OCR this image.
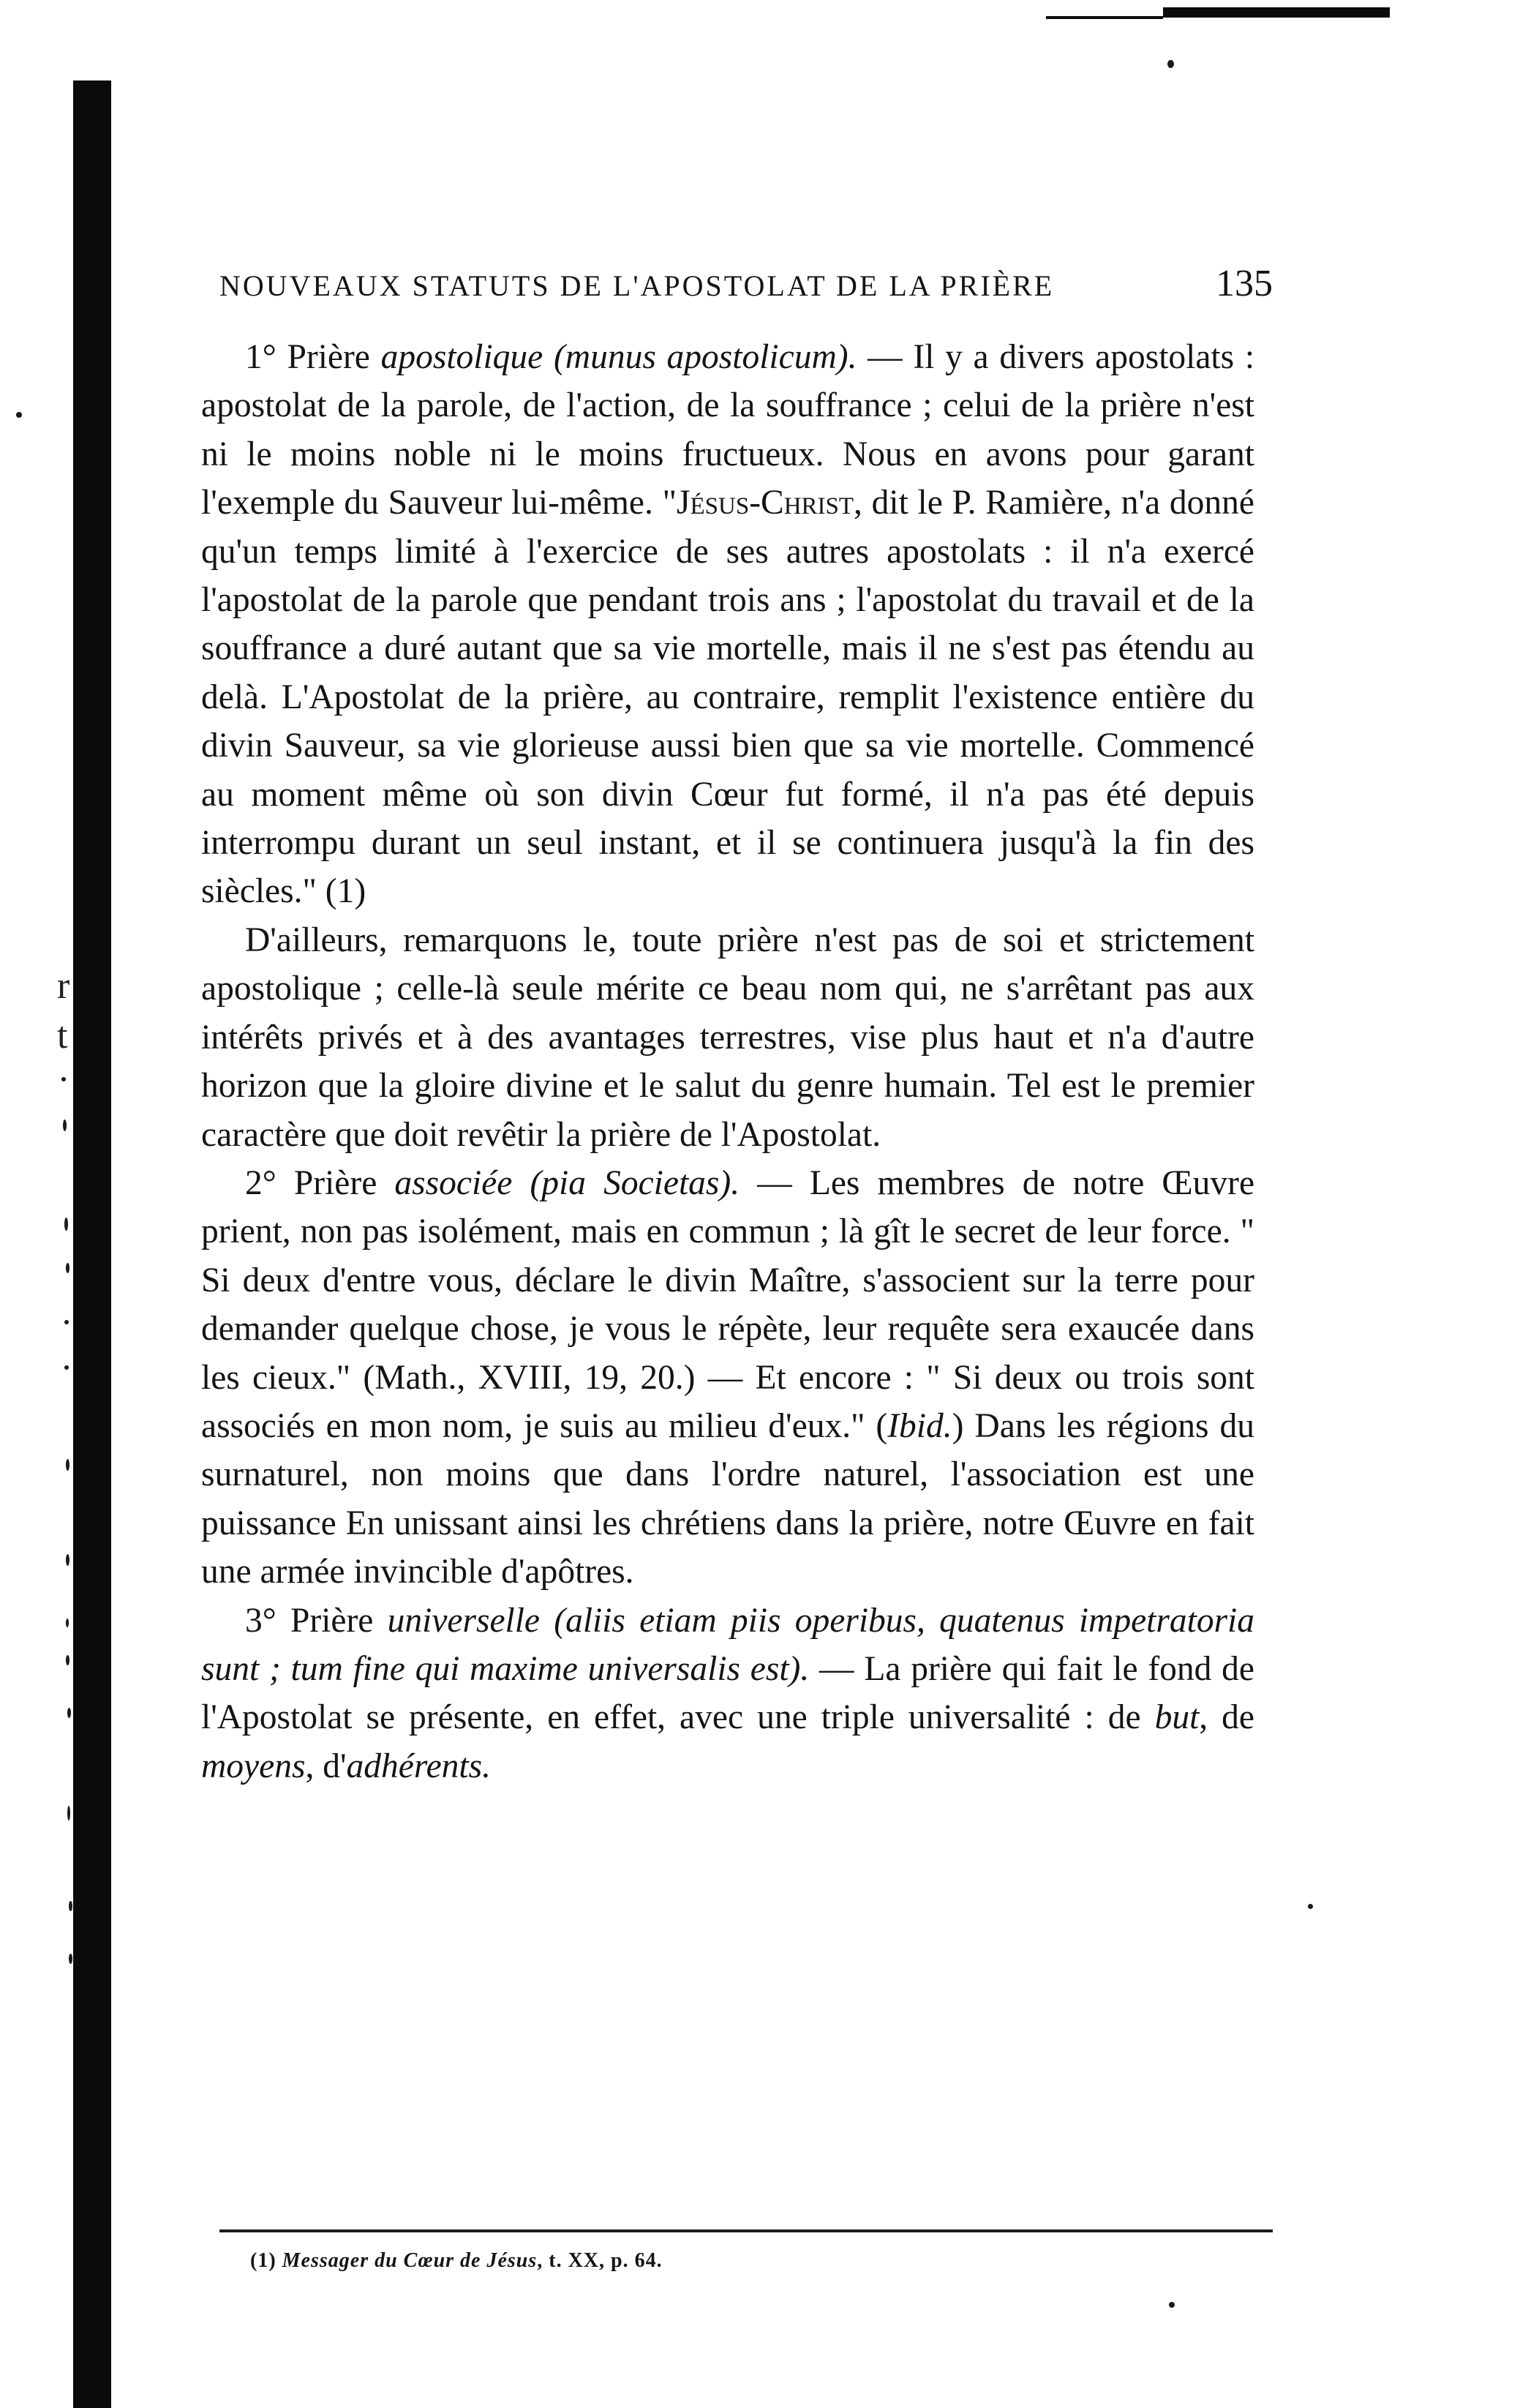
r
t
NOUVEAUX STATUTS DE L'APOSTOLAT DE LA PRIÈRE	135

1° Prière apostolique (munus apostolicum). — Il y a divers apostolats : apostolat de la parole, de l'action, de la souffrance ; celui de la prière n'est ni le moins noble ni le moins fructueux. Nous en avons pour garant l'exemple du Sauveur lui-même. "Jésus-Christ, dit le P. Ramière, n'a donné qu'un temps limité à l'exercice de ses autres apostolats : il n'a exercé l'apostolat de la parole que pendant trois ans ; l'apostolat du travail et de la souffrance a duré autant que sa vie mortelle, mais il ne s'est pas étendu au delà. L'Apostolat de la prière, au contraire, remplit l'existence entière du divin Sauveur, sa vie glorieuse aussi bien que sa vie mortelle. Commencé au moment même où son divin Cœur fut formé, il n'a pas été depuis interrompu durant un seul instant, et il se continuera jusqu'à la fin des siècles." (1)

D'ailleurs, remarquons le, toute prière n'est pas de soi et strictement apostolique ; celle-là seule mérite ce beau nom qui, ne s'arrêtant pas aux intérêts privés et à des avantages terrestres, vise plus haut et n'a d'autre horizon que la gloire divine et le salut du genre humain. Tel est le premier caractère que doit revêtir la prière de l'Apostolat.

2° Prière associée (pia Societas). — Les membres de notre Œuvre prient, non pas isolément, mais en commun ; là gît le secret de leur force. " Si deux d'entre vous, déclare le divin Maître, s'associent sur la terre pour demander quelque chose, je vous le répète, leur requête sera exaucée dans les cieux." (Math., XVIII, 19, 20.) — Et encore : " Si deux ou trois sont associés en mon nom, je suis au milieu d'eux." (Ibid.) Dans les régions du surnaturel, non moins que dans l'ordre naturel, l'association est une puissance En unissant ainsi les chrétiens dans la prière, notre Œuvre en fait une armée invincible d'apôtres.

3° Prière universelle (aliis etiam piis operibus, quatenus impetratoria sunt ; tum fine qui maxime universalis est). — La prière qui fait le fond de l'Apostolat se présente, en effet, avec une triple universalité : de but, de moyens, d'adhérents.

(1) Messager du Cœur de Jésus, t. XX, p. 64.
